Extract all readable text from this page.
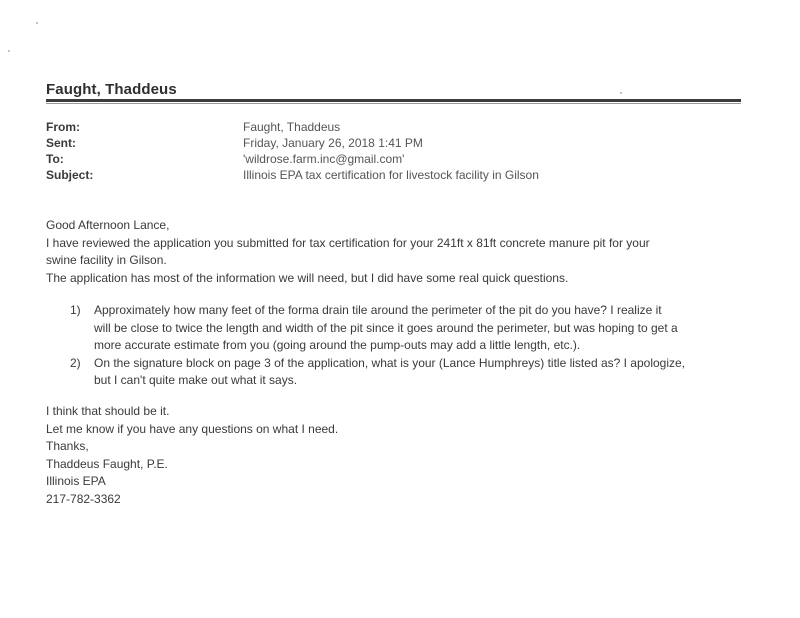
Faught, Thaddeus
From:	Faught, Thaddeus
Sent:	Friday, January 26, 2018 1:41 PM
To:	'wildrose.farm.inc@gmail.com'
Subject:	Illinois EPA tax certification for livestock facility in Gilson
Good Afternoon Lance,
I have reviewed the application you submitted for tax certification for your 241ft x 81ft concrete manure pit for your
swine facility in Gilson.
The application has most of the information we will need, but I did have some real quick questions.
1) Approximately how many feet of the forma drain tile around the perimeter of the pit do you have? I realize it
will be close to twice the length and width of the pit since it goes around the perimeter, but was hoping to get a
more accurate estimate from you (going around the pump-outs may add a little length, etc.).
2) On the signature block on page 3 of the application, what is your (Lance Humphreys) title listed as? I apologize,
but I can't quite make out what it says.
I think that should be it.
Let me know if you have any questions on what I need.
Thanks,
Thaddeus Faught, P.E.
Illinois EPA
217-782-3362
